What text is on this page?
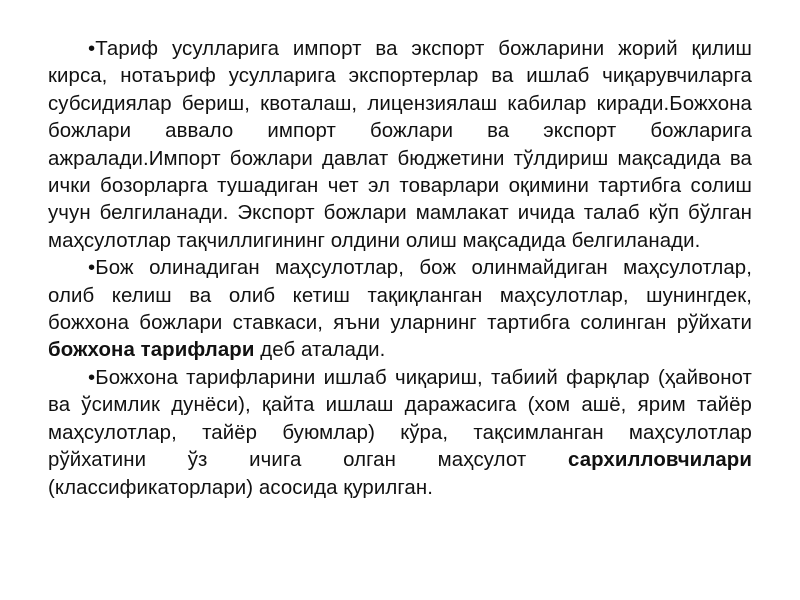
•Тариф усулларига импорт ва экспорт божларини жорий қилиш кирса, нотаъриф усулларига экспортерлар ва ишлаб чиқарувчиларга субсидиялар бериш, квоталаш, лицензиялаш кабилар киради.Божхона божлари аввало импорт божлари ва экспорт божларига ажралади.Импорт божлари давлат бюджетини тўлдириш мақсадида ва ички бозорларга тушадиган чет эл товарлари оқимини тартибга солиш учун белгиланади. Экспорт божлари мамлакат ичида талаб кўп бўлган маҳсулотлар тақчиллигининг олдини олиш мақсадида белгиланади.

•Бож олинадиган маҳсулотлар, бож олинмайдиган маҳсулотлар, олиб келиш ва олиб кетиш тақиқланган маҳсулотлар, шунингдек, божхона божлари ставкаси, яъни уларнинг тартибга солинган рўйхати божхона тарифлари деб аталади.

•Божхона тарифларини ишлаб чиқариш, табиий фарқлар (ҳайвонот ва ўсимлик дунёси), қайта ишлаш даражасига (хом ашё, ярим тайёр маҳсулотлар, тайёр буюмлар) кўра, тақсимланган маҳсулотлар рўйхатини ўз ичига олган маҳсулот сархилловчилари (классификаторлари) асосида қурилган.
